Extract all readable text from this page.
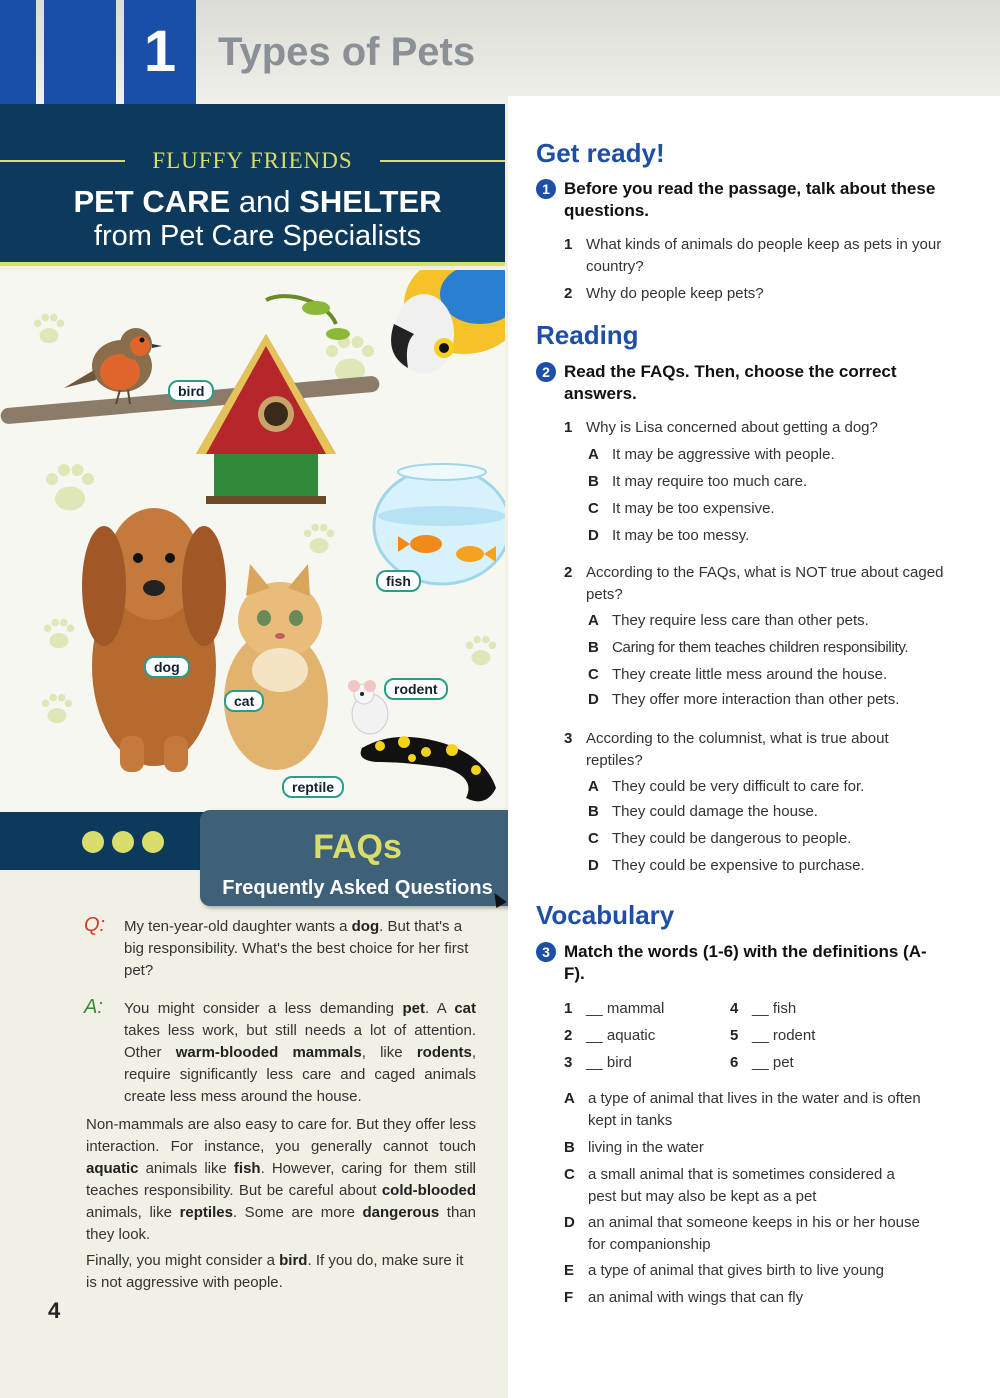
1 Types of Pets
FLUFFY FRIENDS
PET CARE and SHELTER
from Pet Care Specialists
bird
fish
dog
cat
rodent
reptile
FAQs
Frequently Asked Questions
Q: My ten-year-old daughter wants a dog. But that's a big responsibility. What's the best choice for her first pet?
A: You might consider a less demanding pet. A cat takes less work, but still needs a lot of attention. Other warm-blooded mammals, like rodents, require significantly less care and caged animals create less mess around the house.
Non-mammals are also easy to care for. But they offer less interaction. For instance, you generally cannot touch aquatic animals like fish. However, caring for them still teaches responsibility. But be careful about cold-blooded animals, like reptiles. Some are more dangerous than they look.
Finally, you might consider a bird. If you do, make sure it is not aggressive with people.
4
Get ready!
1 Before you read the passage, talk about these questions.
1 What kinds of animals do people keep as pets in your country?
2 Why do people keep pets?
Reading
2 Read the FAQs. Then, choose the correct answers.
1 Why is Lisa concerned about getting a dog?
A It may be aggressive with people.
B It may require too much care.
C It may be too expensive.
D It may be too messy.
2 According to the FAQs, what is NOT true about caged pets?
A They require less care than other pets.
B Caring for them teaches children responsibility.
C They create little mess around the house.
D They offer more interaction than other pets.
3 According to the columnist, what is true about reptiles?
A They could be very difficult to care for.
B They could damage the house.
C They could be dangerous to people.
D They could be expensive to purchase.
Vocabulary
3 Match the words (1-6) with the definitions (A-F).
1 __ mammal
2 __ aquatic
3 __ bird
4 __ fish
5 __ rodent
6 __ pet
A a type of animal that lives in the water and is often kept in tanks
B living in the water
C a small animal that is sometimes considered a pest but may also be kept as a pet
D an animal that someone keeps in his or her house for companionship
E a type of animal that gives birth to live young
F an animal with wings that can fly
